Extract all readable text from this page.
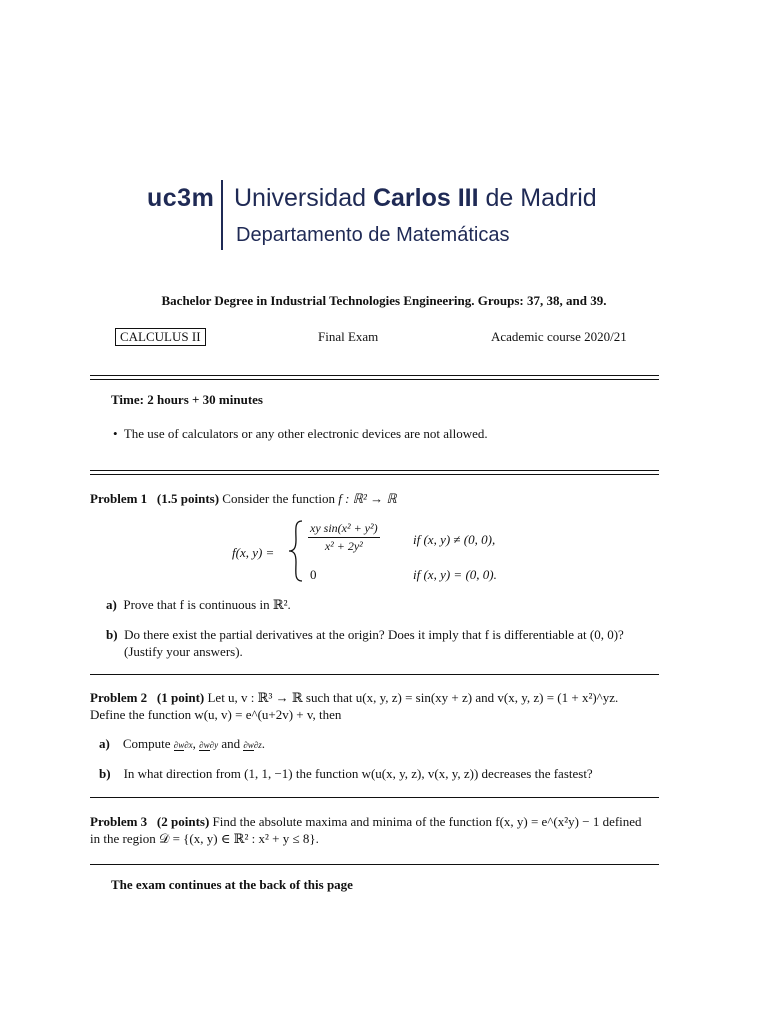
uc3m Universidad Carlos III de Madrid
Departamento de Matemáticas
Bachelor Degree in Industrial Technologies Engineering. Groups: 37, 38, and 39.
CALCULUS II	Final Exam	Academic course 2020/21
Time: 2 hours + 30 minutes
• The use of calculators or any other electronic devices are not allowed.
Problem 1 (1.5 points) Consider the function f : ℝ² → ℝ
f(x, y) =	$\frac{\text{xy sin(x² + y²)}}{\text{x² + 2y²}}$	if (x, y) ≠ (0, 0),
0	if (x, y) = (0, 0).
a) Prove that f is continuous in ℝ².
b) Do there exist the partial derivatives at the origin? Does it imply that f is differentiable at (0, 0)?
(Justify your answers).
Problem 2 (1 point) Let u, v : ℝ³ → ℝ such that u(x, y, z) = sin(xy + z) and v(x, y, z) = (1 + x²)^yz.
Define the function w(u, v) = e^(u+2v) + v, then
a) Compute ∂w∂x, ∂w∂y and ∂w∂z.
b) In what direction from (1, 1, −1) the function w(u(x, y, z), v(x, y, z)) decreases the fastest?
Problem 3 (2 points) Find the absolute maxima and minima of the function f(x, y) = e^(x²y) − 1 defined
in the region 𝒟 = {(x, y) ∈ ℝ² : x² + y ≤ 8}.
The exam continues at the back of this page
